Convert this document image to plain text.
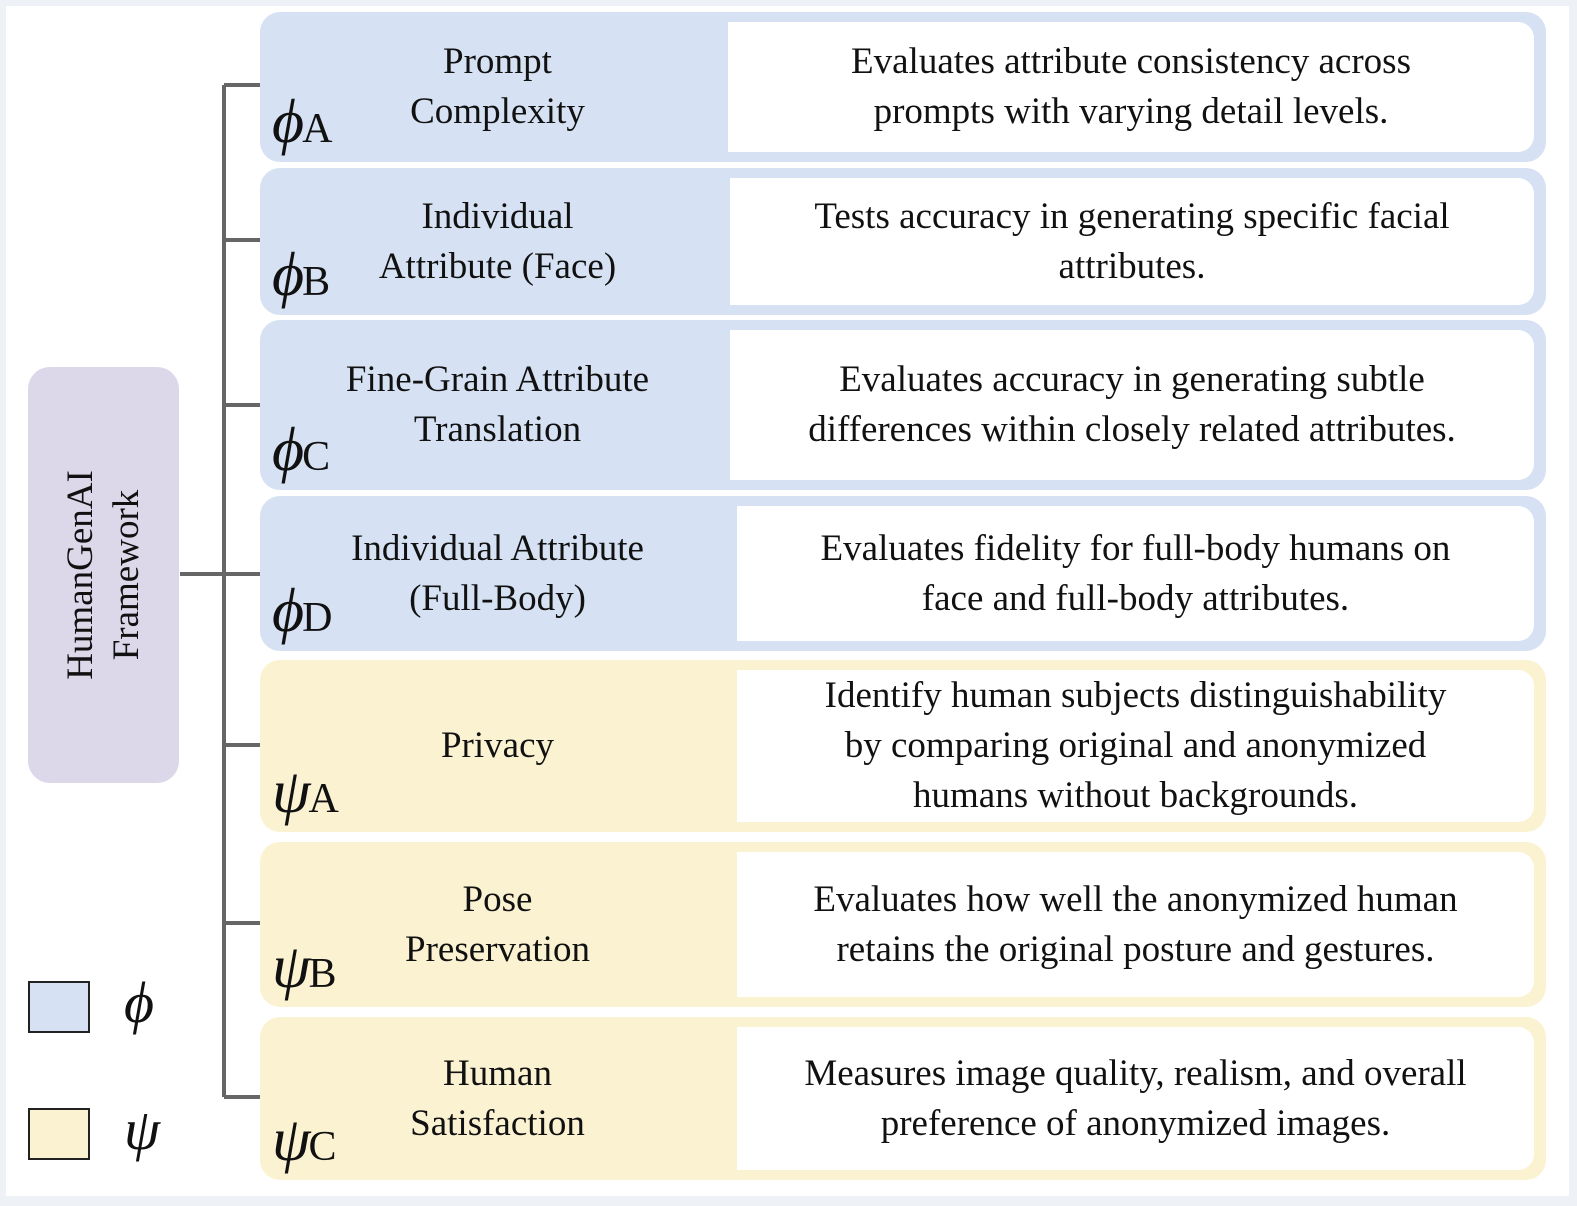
HumanGenAI Framework
Prompt
Complexity
ϕA
Evaluates attribute consistency across
prompts with varying detail levels.
Individual
Attribute (Face)
ϕB
Tests accuracy in generating specific facial
attributes.
Fine-Grain Attribute
Translation
ϕC
Evaluates accuracy in generating subtle
differences within closely related attributes.
Individual Attribute
(Full-Body)
ϕD
Evaluates fidelity for full-body humans on
face and full-body attributes.
Privacy
ψA
Identify human subjects distinguishability
by comparing original and anonymized
humans without backgrounds.
Pose
Preservation
ψB
Evaluates how well the anonymized human
retains the original posture and gestures.
Human
Satisfaction
ψC
Measures image quality, realism, and overall
preference of anonymized images.
ϕ
ψ
